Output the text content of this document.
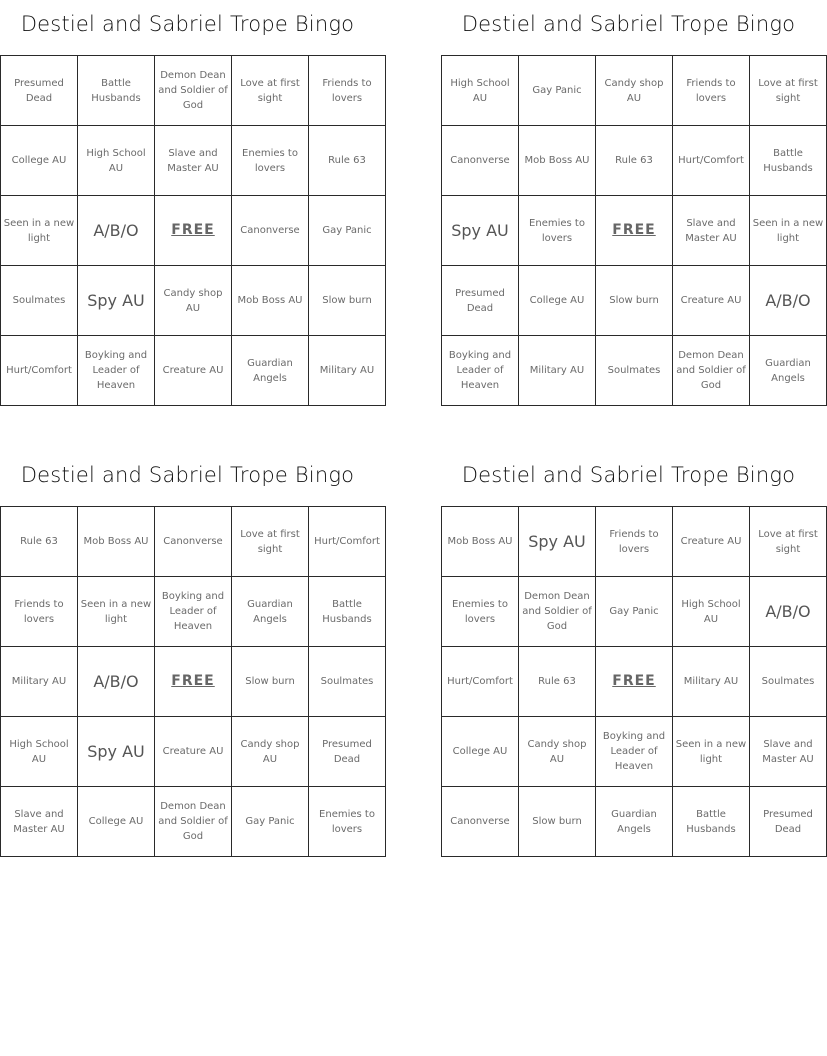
Destiel and Sabriel Trope Bingo
Presumed Dead	Battle Husbands	Demon Dean and Soldier of God	Love at first sight	Friends to lovers
College AU	High School AU	Slave and Master AU	Enemies to lovers	Rule 63
Seen in a new light	A/B/O	FREE	Canonverse	Gay Panic
Soulmates	Spy AU	Candy shop AU	Mob Boss AU	Slow burn
Hurt/Comfort	Boyking and Leader of Heaven	Creature AU	Guardian Angels	Military AU
Destiel and Sabriel Trope Bingo
High School AU	Gay Panic	Candy shop AU	Friends to lovers	Love at first sight
Canonverse	Mob Boss AU	Rule 63	Hurt/Comfort	Battle Husbands
Spy AU	Enemies to lovers	FREE	Slave and Master AU	Seen in a new light
Presumed Dead	College AU	Slow burn	Creature AU	A/B/O
Boyking and Leader of Heaven	Military AU	Soulmates	Demon Dean and Soldier of God	Guardian Angels
Destiel and Sabriel Trope Bingo
Rule 63	Mob Boss AU	Canonverse	Love at first sight	Hurt/Comfort
Friends to lovers	Seen in a new light	Boyking and Leader of Heaven	Guardian Angels	Battle Husbands
Military AU	A/B/O	FREE	Slow burn	Soulmates
High School AU	Spy AU	Creature AU	Candy shop AU	Presumed Dead
Slave and Master AU	College AU	Demon Dean and Soldier of God	Gay Panic	Enemies to lovers
Destiel and Sabriel Trope Bingo
Mob Boss AU	Spy AU	Friends to lovers	Creature AU	Love at first sight
Enemies to lovers	Demon Dean and Soldier of God	Gay Panic	High School AU	A/B/O
Hurt/Comfort	Rule 63	FREE	Military AU	Soulmates
College AU	Candy shop AU	Boyking and Leader of Heaven	Seen in a new light	Slave and Master AU
Canonverse	Slow burn	Guardian Angels	Battle Husbands	Presumed Dead
